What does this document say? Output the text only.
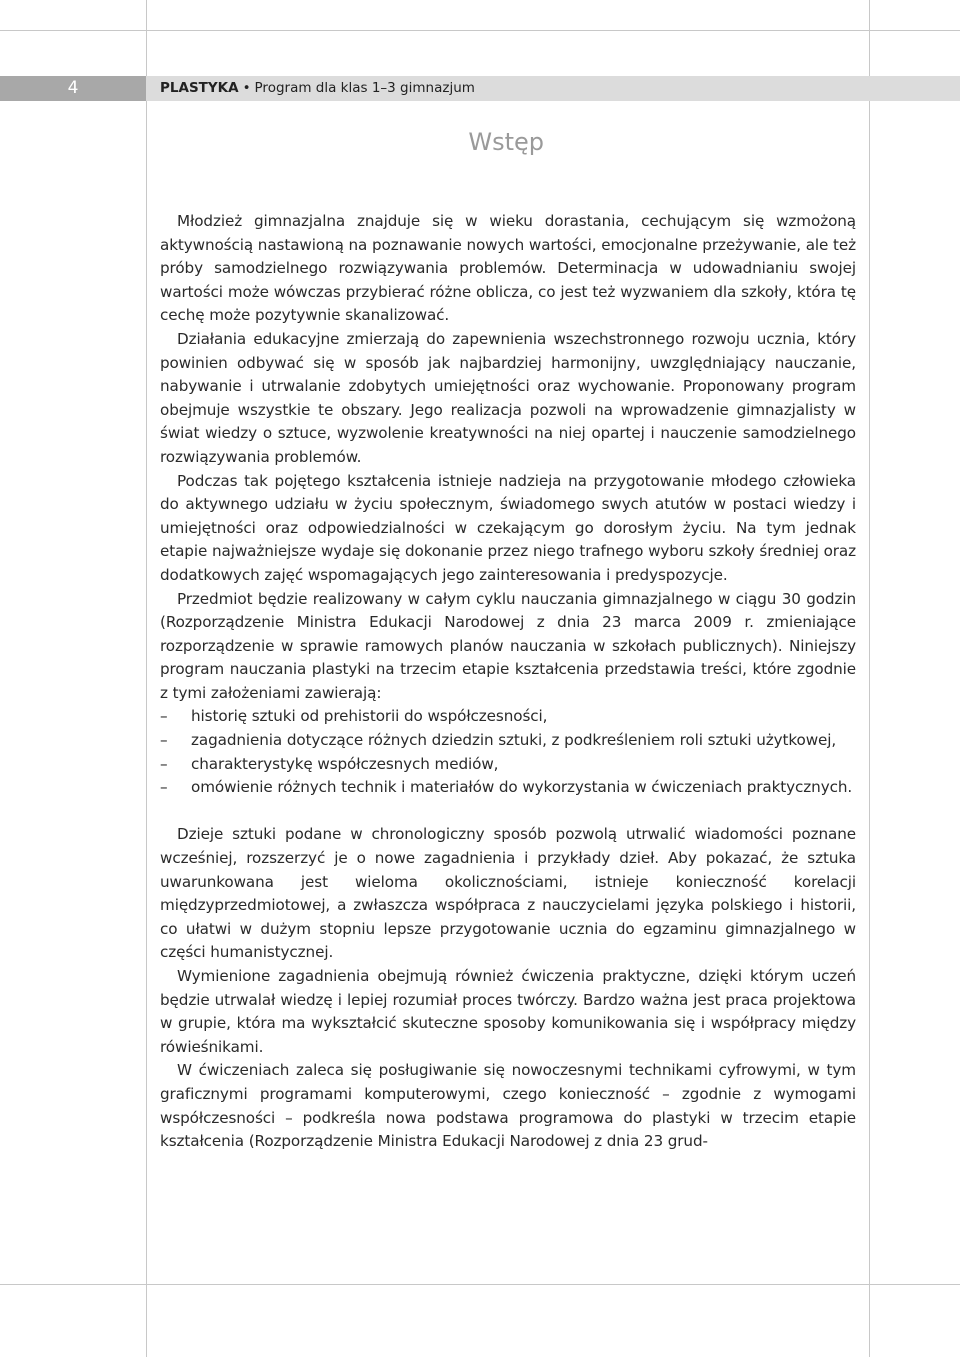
4	PLASTYKA • Program dla klas 1–3 gimnazjum
Wstęp

Młodzież gimnazjalna znajduje się w wieku dorastania, cechującym się wzmożoną aktywnością nastawioną na poznawanie nowych wartości, emocjonalne przeżywanie, ale też próby samodzielnego rozwiązywania problemów. Determinacja w udowadnianiu swojej wartości może wówczas przybierać różne oblicza, co jest też wyzwaniem dla szkoły, która tę cechę może pozytywnie skanalizować.

Działania edukacyjne zmierzają do zapewnienia wszechstronnego rozwoju ucznia, który powinien odbywać się w sposób jak najbardziej harmonijny, uwzględniający nauczanie, nabywanie i utrwalanie zdobytych umiejętności oraz wychowanie. Proponowany program obejmuje wszystkie te obszary. Jego realizacja pozwoli na wprowadzenie gimnazjalisty w świat wiedzy o sztuce, wyzwolenie kreatywności na niej opartej i nauczenie samodzielnego rozwiązywania problemów.

Podczas tak pojętego kształcenia istnieje nadzieja na przygotowanie młodego człowieka do aktywnego udziału w życiu społecznym, świadomego swych atutów w postaci wiedzy i umiejętności oraz odpowiedzialności w czekającym go dorosłym życiu. Na tym jednak etapie najważniejsze wydaje się dokonanie przez niego trafnego wyboru szkoły średniej oraz dodatkowych zajęć wspomagających jego zainteresowania i predyspozycje.

Przedmiot będzie realizowany w całym cyklu nauczania gimnazjalnego w ciągu 30 godzin (Rozporządzenie Ministra Edukacji Narodowej z dnia 23 marca 2009 r. zmieniające rozporządzenie w sprawie ramowych planów nauczania w szkołach publicznych). Niniejszy program nauczania plastyki na trzecim etapie kształcenia przedstawia treści, które zgodnie z tymi założeniami zawierają:

–	historię sztuki od prehistorii do współczesności,
–	zagadnienia dotyczące różnych dziedzin sztuki, z podkreśleniem roli sztuki użytkowej,
–	charakterystykę współczesnych mediów,
–	omówienie różnych technik i materiałów do wykorzystania w ćwiczeniach praktycznych.

Dzieje sztuki podane w chronologiczny sposób pozwolą utrwalić wiadomości poznane wcześniej, rozszerzyć je o nowe zagadnienia i przykłady dzieł. Aby pokazać, że sztuka uwarunkowana jest wieloma okolicznościami, istnieje konieczność korelacji międzyprzedmiotowej, a zwłaszcza współpraca z nauczycielami języka polskiego i historii, co ułatwi w dużym stopniu lepsze przygotowanie ucznia do egzaminu gimnazjalnego w części humanistycznej.

Wymienione zagadnienia obejmują również ćwiczenia praktyczne, dzięki którym uczeń będzie utrwalał wiedzę i lepiej rozumiał proces twórczy. Bardzo ważna jest praca projektowa w grupie, która ma wykształcić skuteczne sposoby komunikowania się i współpracy między rówieśnikami.

W ćwiczeniach zaleca się posługiwanie się nowoczesnymi technikami cyfrowymi, w tym graficznymi programami komputerowymi, czego konieczność – zgodnie z wymogami współczesności – podkreśla nowa podstawa programowa do plastyki w trzecim etapie kształcenia (Rozporządzenie Ministra Edukacji Narodowej z dnia 23 grud-
